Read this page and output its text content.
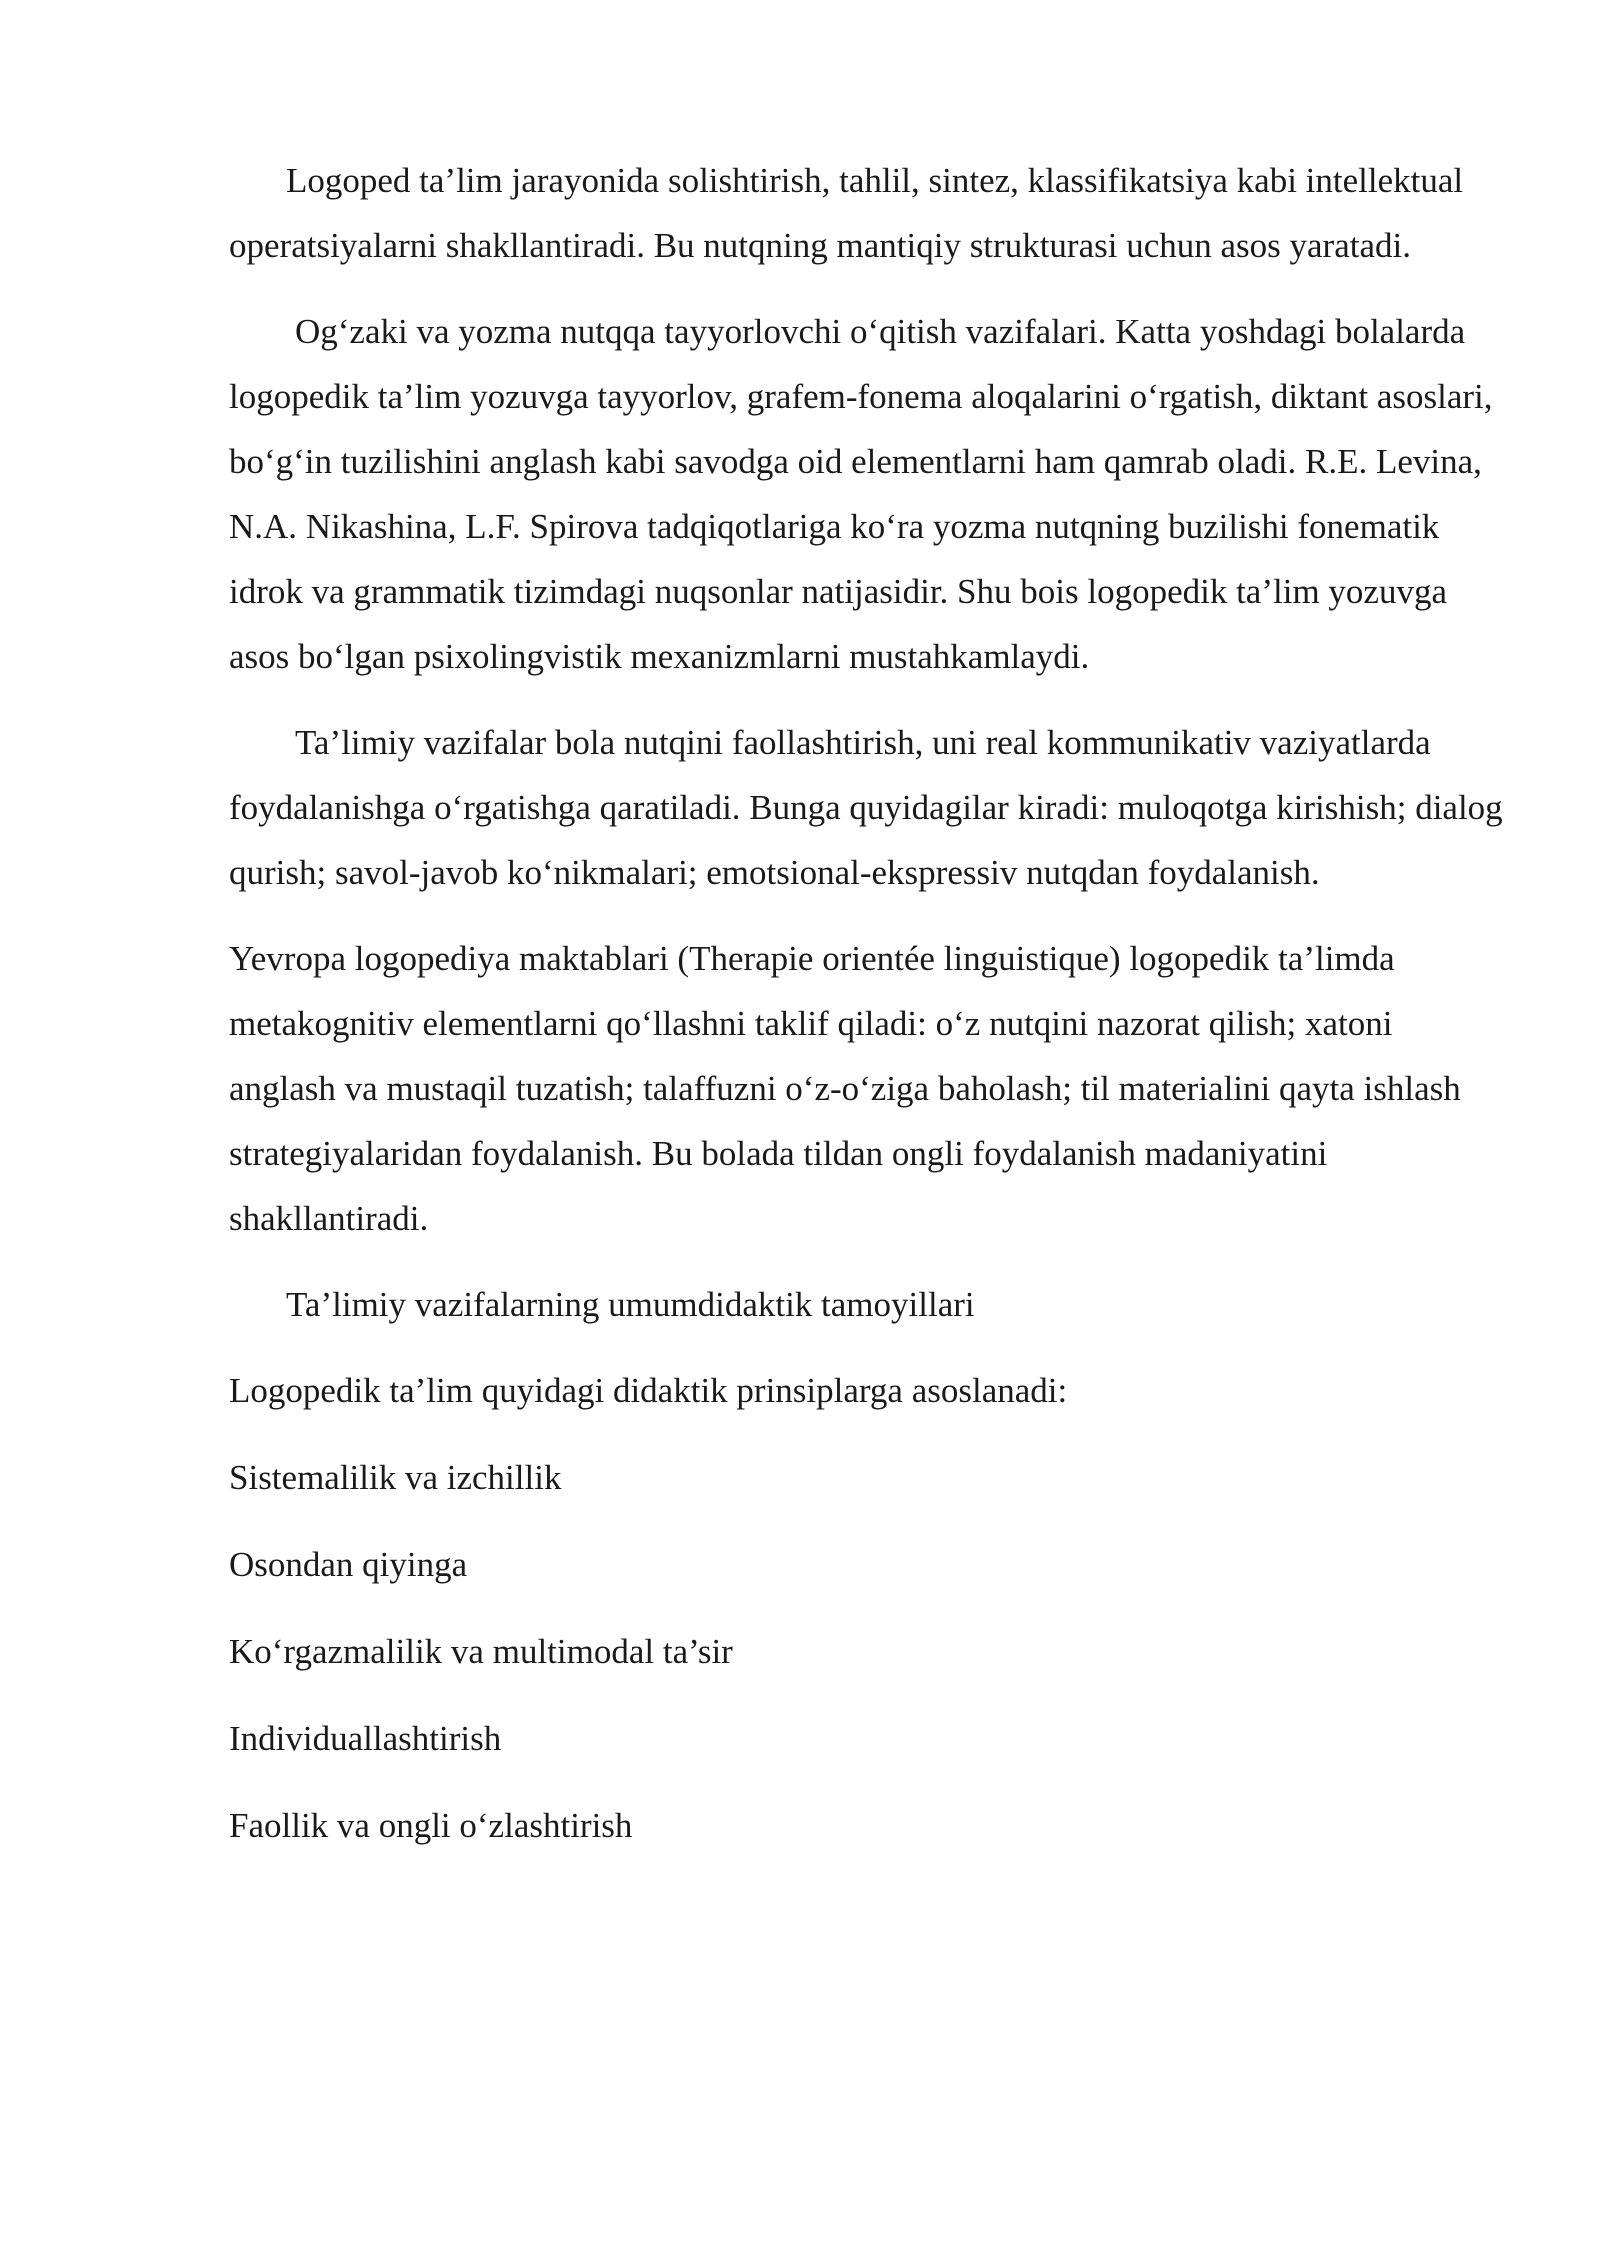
Logoped ta’lim jarayonida solishtirish, tahlil, sintez, klassifikatsiya kabi intellektual operatsiyalarni shakllantiradi. Bu nutqning mantiqiy strukturasi uchun asos yaratadi.

Og‘zaki va yozma nutqqa tayyorlovchi o‘qitish vazifalari. Katta yoshdagi bolalarda logopedik ta’lim yozuvga tayyorlov, grafem-fonema aloqalarini o‘rgatish, diktant asoslari, bo‘g‘in tuzilishini anglash kabi savodga oid elementlarni ham qamrab oladi. R.E. Levina, N.A. Nikashina, L.F. Spirova tadqiqotlariga ko‘ra yozma nutqning buzilishi fonematik idrok va grammatik tizimdagi nuqsonlar natijasidir. Shu bois logopedik ta’lim yozuvga asos bo‘lgan psixolingvistik mexanizmlarni mustahkamlaydi.

Ta’limiy vazifalar bola nutqini faollashtirish, uni real kommunikativ vaziyatlarda foydalanishga o‘rgatishga qaratiladi. Bunga quyidagilar kiradi: muloqotga kirishish; dialog qurish; savol-javob ko‘nikmalari; emotsional-ekspressiv nutqdan foydalanish.

Yevropa logopediya maktablari (Therapie orientée linguistique) logopedik ta’limda metakognitiv elementlarni qo‘llashni taklif qiladi: o‘z nutqini nazorat qilish; xatoni anglash va mustaqil tuzatish; talaffuzni o‘z-o‘ziga baholash; til materialini qayta ishlash strategiyalaridan foydalanish. Bu bolada tildan ongli foydalanish madaniyatini shakllantiradi.

Ta’limiy vazifalarning umumdidaktik tamoyillari

Logopedik ta’lim quyidagi didaktik prinsiplarga asoslanadi:

Sistemalilik va izchillik

Osondan qiyinga

Ko‘rgazmalilik va multimodal ta’sir

Individuallashtirish

Faollik va ongli o‘zlashtirish
